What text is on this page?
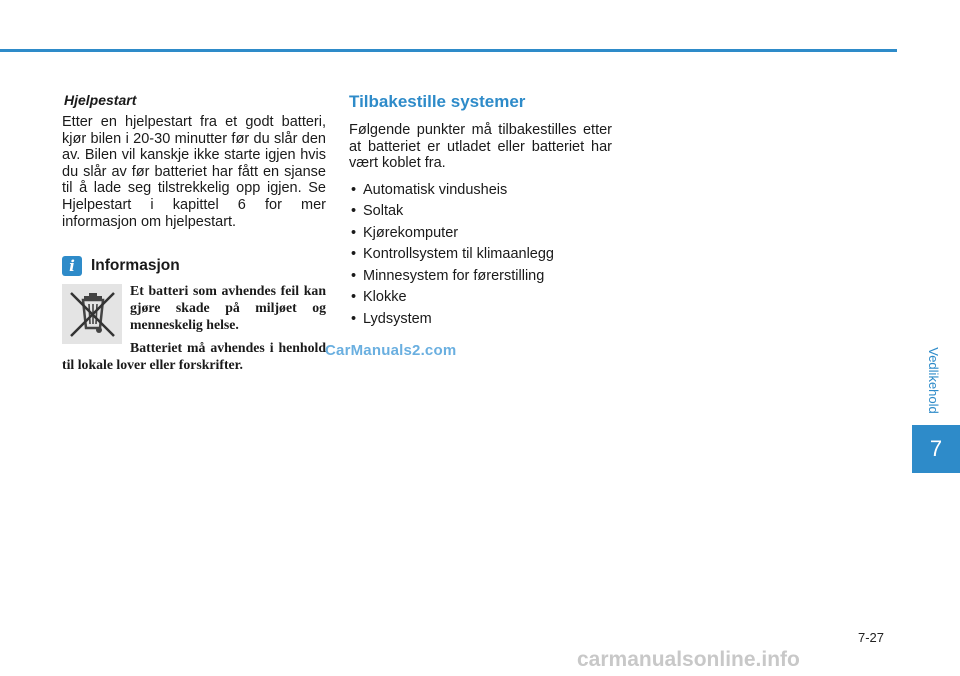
Hjelpestart

Etter en hjelpestart fra et godt batteri, kjør bilen i 20-30 minutter før du slår den av. Bilen vil kanskje ikke starte igjen hvis du slår av før batteriet har fått en sjanse til å lade seg tilstrekkelig opp igjen. Se Hjelpestart i kapittel 6 for mer informasjon om hjelpestart.

i	Informasjon

Et batteri som avhendes feil kan gjøre skade på miljøet og menneskelig helse.

Batteriet må avhendes i henhold til lokale lover eller forskrifter.

Tilbakestille systemer

Følgende punkter må tilbakestilles etter at batteriet er utladet eller batteriet har vært koblet fra.

• Automatisk vindusheis
• Soltak
• Kjørekomputer
• Kontrollsystem til klimaanlegg
• Minnesystem for førerstilling
• Klokke
• Lydsystem
CarManuals2.com	Vedlikehold
7
7-27
carmanualsonline.info
